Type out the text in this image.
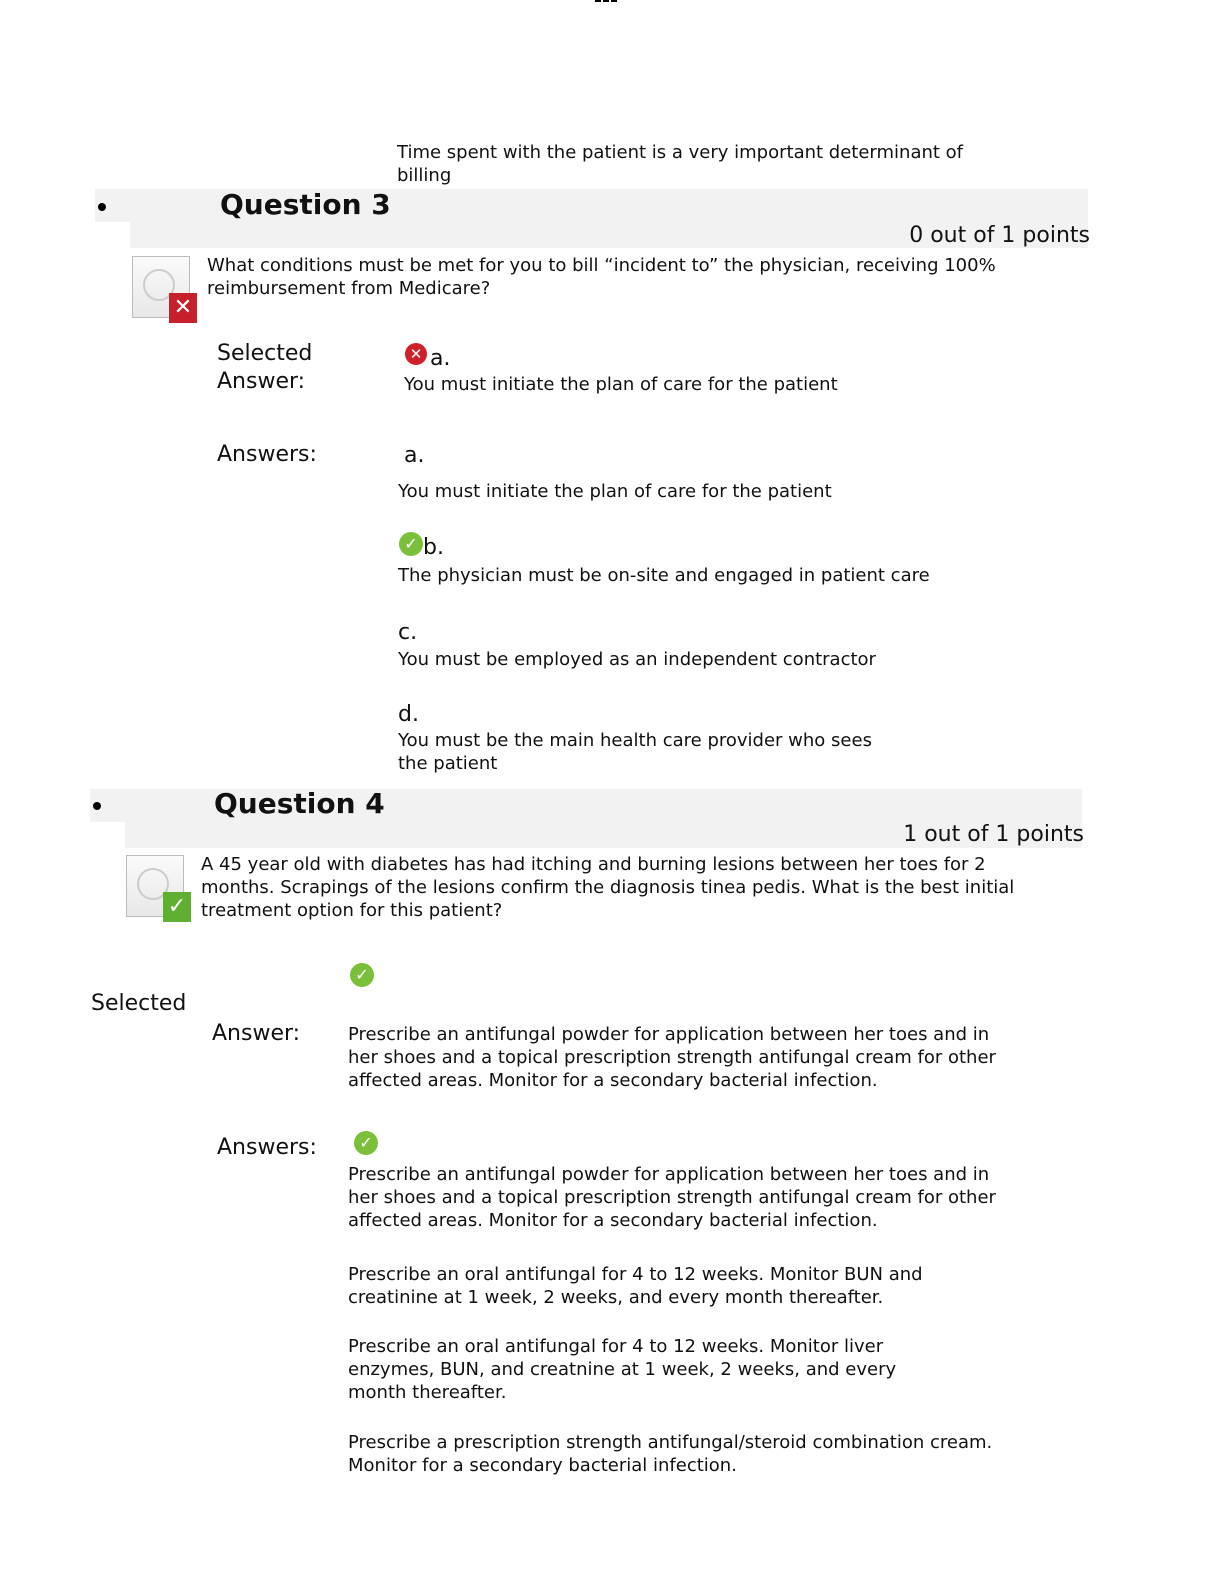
Time spent with the patient is a very important determinant of billing
Question 3
0 out of 1 points
✕
What conditions must be met for you to bill “incident to” the physician, receiving 100% reimbursement from Medicare?
Selected Answer:
✕ a.
You must initiate the plan of care for the patient
Answers:	a.
You must initiate the plan of care for the patient
✓ b.
The physician must be on-site and engaged in patient care
c.
You must be employed as an independent contractor
d.
You must be the main health care provider who sees the patient
Question 4
1 out of 1 points
✓
A 45 year old with diabetes has had itching and burning lesions between her toes for 2 months. Scrapings of the lesions confirm the diagnosis tinea pedis. What is the best initial treatment option for this patient?
✓
Selected
Answer:	Prescribe an antifungal powder for application between her toes and in her shoes and a topical prescription strength antifungal cream for other affected areas. Monitor for a secondary bacterial infection.
Answers:	✓
Prescribe an antifungal powder for application between her toes and in her shoes and a topical prescription strength antifungal cream for other affected areas. Monitor for a secondary bacterial infection.
Prescribe an oral antifungal for 4 to 12 weeks. Monitor BUN and creatinine at 1 week, 2 weeks, and every month thereafter.
Prescribe an oral antifungal for 4 to 12 weeks. Monitor liver enzymes, BUN, and creatnine at 1 week, 2 weeks, and every month thereafter.
Prescribe a prescription strength antifungal/steroid combination cream. Monitor for a secondary bacterial infection.
